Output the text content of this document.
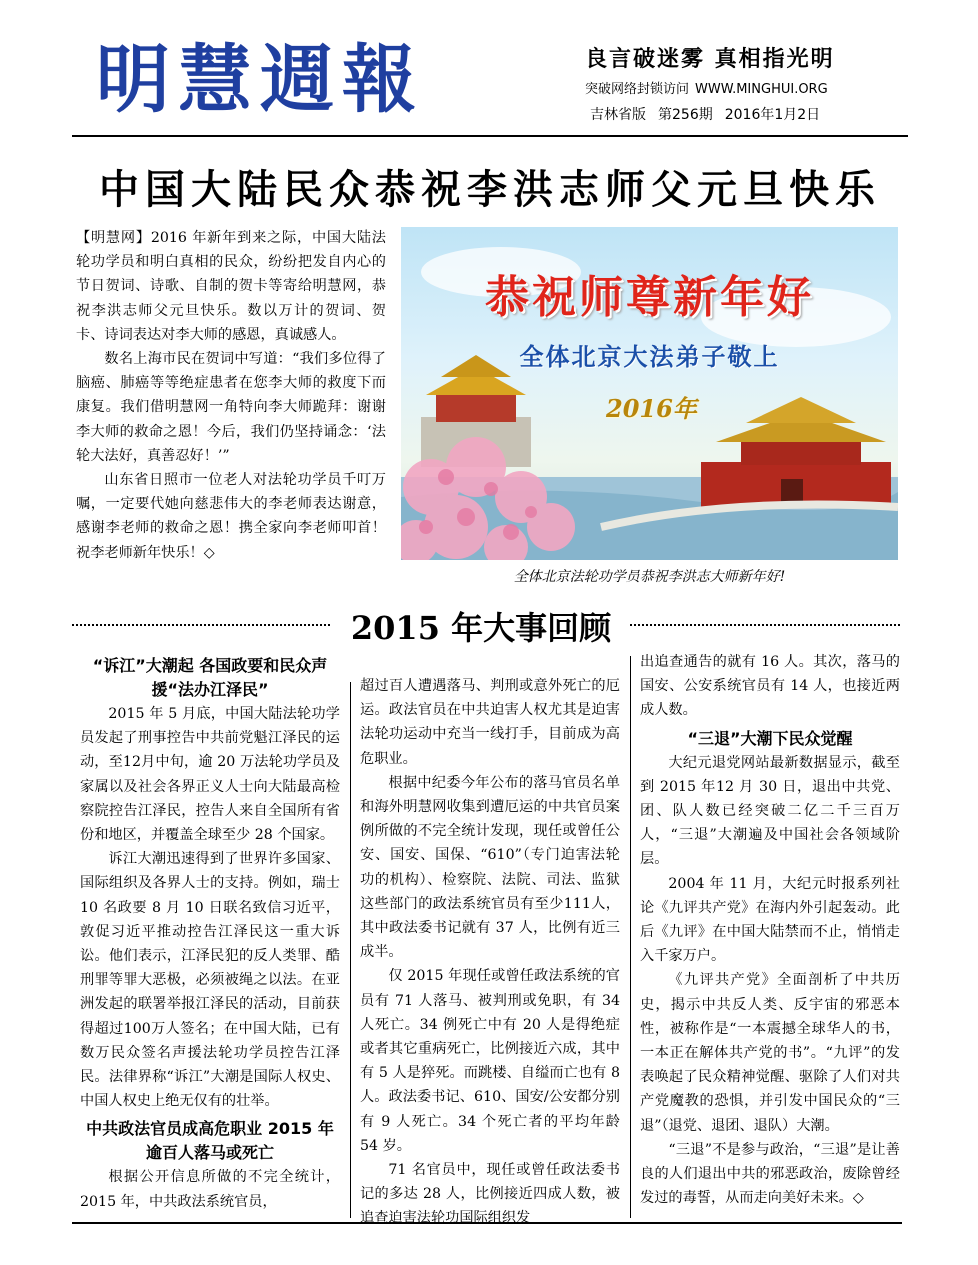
明慧週報	良言破迷雾 真相指光明
突破网络封锁访问 WWW.MINGHUI.ORG
吉林省版 第256期 2016年1月2日
中国大陆民众恭祝李洪志师父元旦快乐

【明慧网】2016 年新年到来之际，中国大陆法轮功学员和明白真相的民众，纷纷把发自内心的节日贺词、诗歌、自制的贺卡等寄给明慧网，恭祝李洪志师父元旦快乐。数以万计的贺词、贺卡、诗词表达对李大师的感恩，真诚感人。

数名上海市民在贺词中写道：“我们多位得了脑癌、肺癌等等绝症患者在您李大师的救度下而康复。我们借明慧网一角特向李大师跪拜：谢谢李大师的救命之恩！今后，我们仍坚持诵念：‘法轮大法好，真善忍好！’”

山东省日照市一位老人对法轮功学员千叮万嘱，一定要代她向慈悲伟大的李老师表达谢意，感谢李老师的救命之恩！携全家向李老师叩首！祝李老师新年快乐！◇

恭祝师尊新年好
全体北京大法弟子敬上
2016年
全体北京法轮功学员恭祝李洪志大师新年好!
2015 年大事回顾
“诉江”大潮起 各国政要和民众声援“法办江泽民”

2015 年 5 月底，中国大陆法轮功学员发起了刑事控告中共前党魁江泽民的运动，至12月中旬，逾 20 万法轮功学员及家属以及社会各界正义人士向大陆最高检察院控告江泽民，控告人来自全国所有省份和地区，并覆盖全球至少 28 个国家。

诉江大潮迅速得到了世界许多国家、国际组织及各界人士的支持。例如，瑞士10 名政要 8 月 10 日联名致信习近平，敦促习近平推动控告江泽民这一重大诉讼。他们表示，江泽民犯的反人类罪、酷刑罪等罪大恶极，必须被绳之以法。在亚洲发起的联署举报江泽民的活动，目前获得超过100万人签名；在中国大陆，已有数万民众签名声援法轮功学员控告江泽民。法律界称“诉江”大潮是国际人权史、中国人权史上绝无仅有的壮举。

中共政法官员成高危职业 2015 年逾百人落马或死亡

根据公开信息所做的不完全统计，2015 年，中共政法系统官员，

超过百人遭遇落马、判刑或意外死亡的厄运。政法官员在中共迫害人权尤其是迫害法轮功运动中充当一线打手，目前成为高危职业。

根据中纪委今年公布的落马官员名单和海外明慧网收集到遭厄运的中共官员案例所做的不完全统计发现，现任或曾任公安、国安、国保、“610”（专门迫害法轮功的机构）、检察院、法院、司法、监狱这些部门的政法系统官员有至少111人，其中政法委书记就有 37 人，比例有近三成半。

仅 2015 年现任或曾任政法系统的官员有 71 人落马、被判刑或免职，有 34 人死亡。34 例死亡中有 20 人是得绝症或者其它重病死亡，比例接近六成，其中有 5 人是猝死。而跳楼、自缢而亡也有 8 人。政法委书记、610、国安/公安都分别有 9 人死亡。34 个死亡者的平均年龄 54 岁。

71 名官员中，现任或曾任政法委书记的多达 28 人，比例接近四成人数，被追查迫害法轮功国际组织发

出追查通告的就有 16 人。其次，落马的国安、公安系统官员有 14 人，也接近两成人数。

“三退”大潮下民众觉醒

大纪元退党网站最新数据显示，截至到 2015 年12 月 30 日，退出中共党、团、队人数已经突破二亿二千三百万人，“三退”大潮遍及中国社会各领域阶层。

2004 年 11 月，大纪元时报系列社论《九评共产党》在海内外引起轰动。此后《九评》在中国大陆禁而不止，悄悄走入千家万户。

《九评共产党》全面剖析了中共历史，揭示中共反人类、反宇宙的邪恶本性，被称作是“一本震撼全球华人的书，一本正在解体共产党的书”。“九评”的发表唤起了民众精神觉醒、驱除了人们对共产党魔教的恐惧，并引发中国民众的“三退”（退党、退团、退队）大潮。

“三退”不是参与政治，“三退”是让善良的人们退出中共的邪恶政治，废除曾经发过的毒誓，从而走向美好未来。◇
